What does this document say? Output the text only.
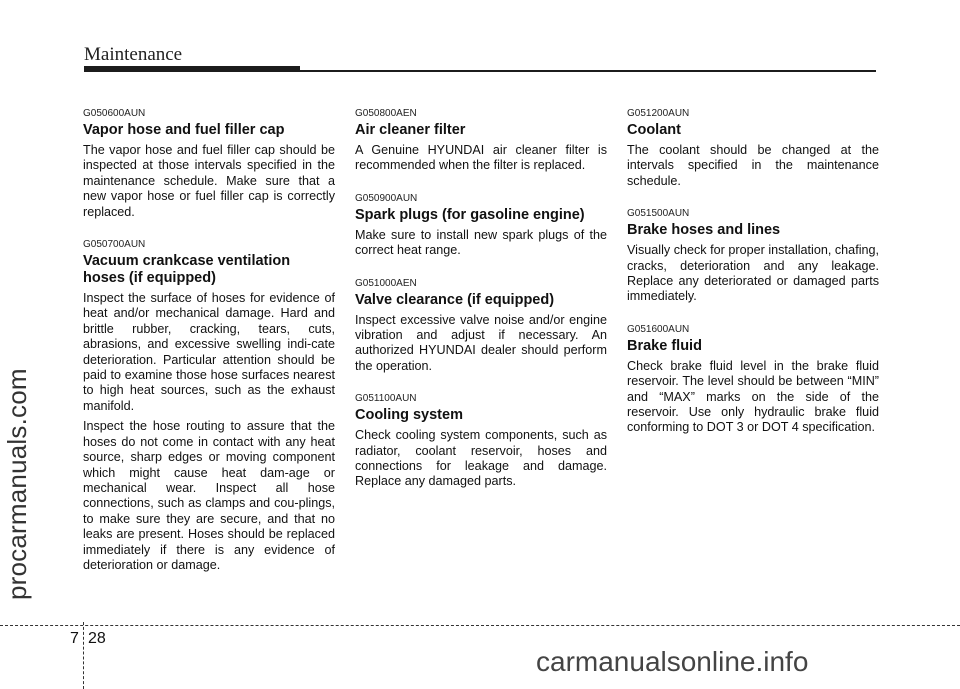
Maintenance
procarmanuals.com
G050600AUN
Vapor hose and fuel filler cap

The vapor hose and fuel filler cap should be inspected at those intervals specified in the maintenance schedule. Make sure that a new vapor hose or fuel filler cap is correctly replaced.

G050700AUN
Vacuum crankcase ventilation hoses (if equipped)

Inspect the surface of hoses for evidence of heat and/or mechanical damage. Hard and brittle rubber, cracking, tears, cuts, abrasions, and excessive swelling indi-cate deterioration. Particular attention should be paid to examine those hose surfaces nearest to high heat sources, such as the exhaust manifold.

Inspect the hose routing to assure that the hoses do not come in contact with any heat source, sharp edges or moving component which might cause heat dam-age or mechanical wear. Inspect all hose connections, such as clamps and cou-plings, to make sure they are secure, and that no leaks are present. Hoses should be replaced immediately if there is any evidence of deterioration or damage.

G050800AEN
Air cleaner filter

A Genuine HYUNDAI air cleaner filter is recommended when the filter is replaced.

G050900AUN
Spark plugs (for gasoline engine)

Make sure to install new spark plugs of the correct heat range.

G051000AEN
Valve clearance (if equipped)

Inspect excessive valve noise and/or engine vibration and adjust if necessary. An authorized HYUNDAI dealer should perform the operation.

G051100AUN
Cooling system

Check cooling system components, such as radiator, coolant reservoir, hoses and connections for leakage and damage. Replace any damaged parts.

G051200AUN
Coolant

The coolant should be changed at the intervals specified in the maintenance schedule.

G051500AUN
Brake hoses and lines

Visually check for proper installation, chafing, cracks, deterioration and any leakage. Replace any deteriorated or damaged parts immediately.

G051600AUN
Brake fluid

Check brake fluid level in the brake fluid reservoir. The level should be between “MIN” and “MAX” marks on the side of the reservoir. Use only hydraulic brake fluid conforming to DOT 3 or DOT 4 specification.

7 28
carmanualsonline.info
